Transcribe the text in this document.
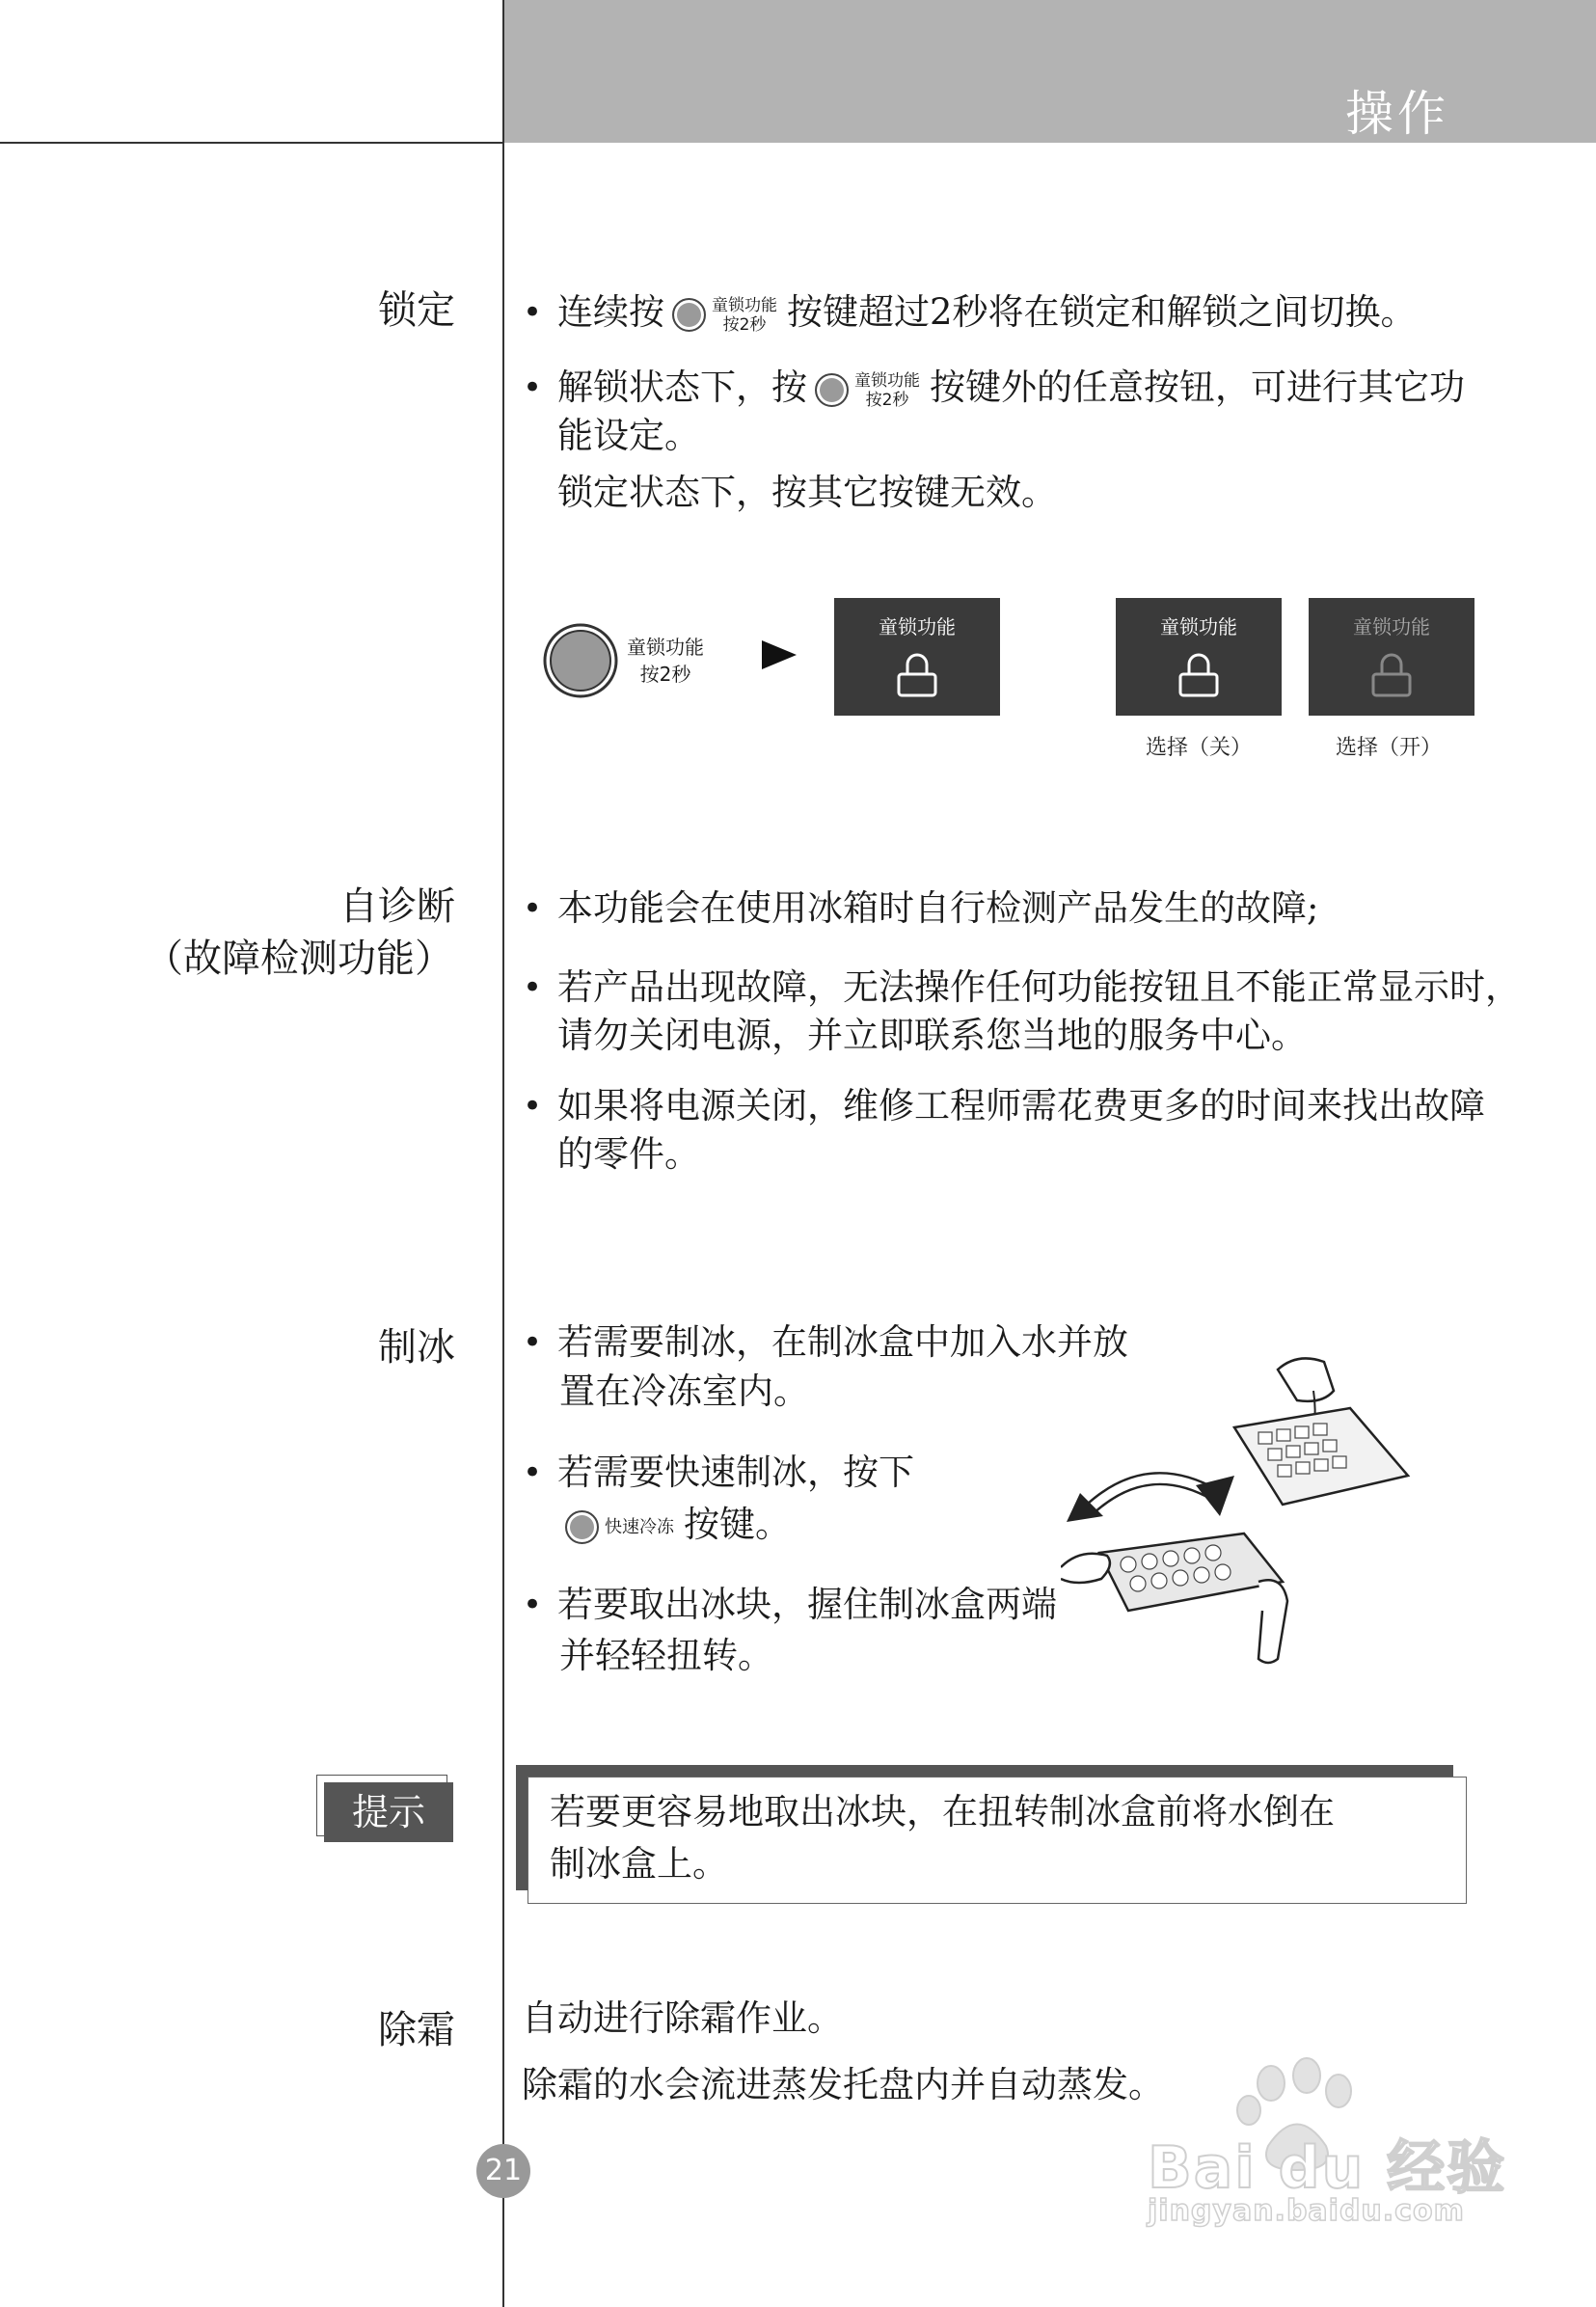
操作
锁定 • 连续按	童锁功能
按2秒 按键超过2秒将在锁定和解锁之间切换。
• 解锁状态下，按	童锁功能
按2秒 按键外的任意按钮，可进行其它功
能设定。
锁定状态下，按其它按键无效。
童锁功能
按2秒
童锁功能	童锁功能
选择（关）
童锁功能
选择（开）
自诊断
（故障检测功能）
• 本功能会在使用冰箱时自行检测产品发生的故障;
• 若产品出现故障，无法操作任何功能按钮且不能正常显示时，
请勿关闭电源，并立即联系您当地的服务中心。
• 如果将电源关闭，维修工程师需花费更多的时间来找出故障
的零件。
制冰 • 若需要制冰，在制冰盒中加入水并放
置在冷冻室内。
• 若需要快速制冰，按下
快速冷冻 按键。
• 若要取出冰块，握住制冰盒两端
并轻轻扭转。
提示	若要更容易地取出冰块，在扭转制冰盒前将水倒在
制冰盒上。
除霜 自动进行除霜作业。
除霜的水会流进蒸发托盘内并自动蒸发。
21	Bai du 经验
jingyan.baidu.com
